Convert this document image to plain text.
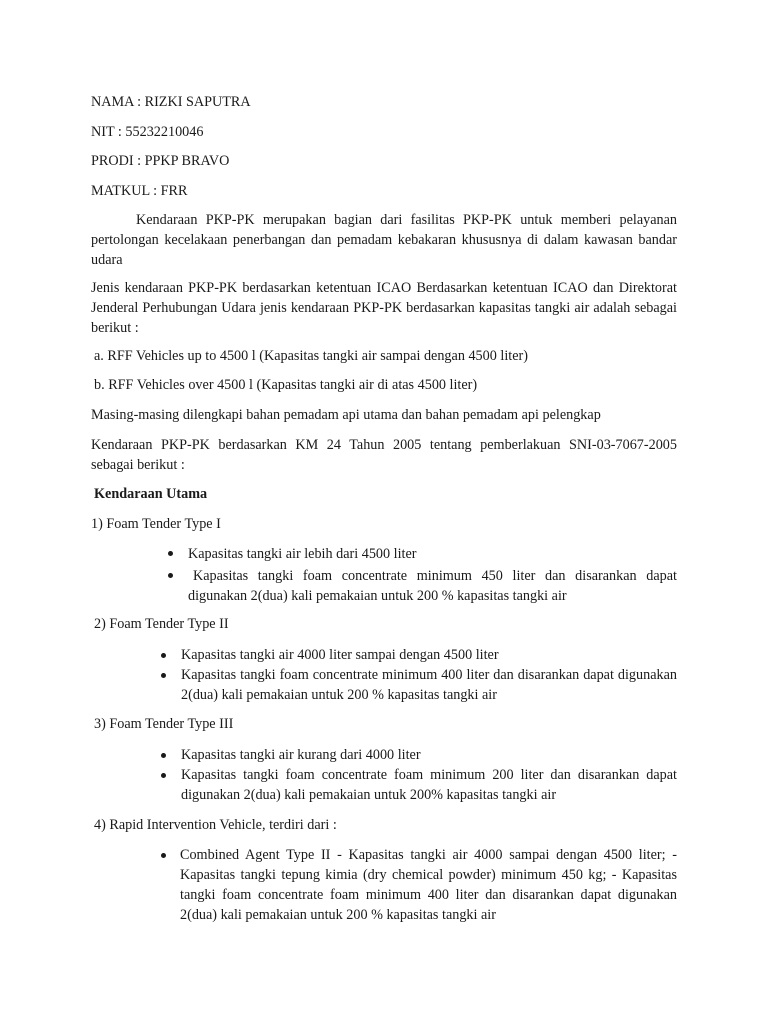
NAMA : RIZKI SAPUTRA

NIT : 55232210046

PRODI : PPKP BRAVO

MATKUL : FRR

Kendaraan PKP-PK merupakan bagian dari fasilitas PKP-PK untuk memberi pelayanan pertolongan kecelakaan penerbangan dan pemadam kebakaran khususnya di dalam kawasan bandar udara

Jenis kendaraan PKP-PK berdasarkan ketentuan ICAO Berdasarkan ketentuan ICAO dan Direktorat Jenderal Perhubungan Udara jenis kendaraan PKP-PK berdasarkan kapasitas tangki air adalah sebagai berikut :

a. RFF Vehicles up to 4500 l (Kapasitas tangki air sampai dengan 4500 liter)

b. RFF Vehicles over 4500 l (Kapasitas tangki air di atas 4500 liter)

Masing-masing dilengkapi bahan pemadam api utama dan bahan pemadam api pelengkap

Kendaraan PKP-PK berdasarkan KM 24 Tahun 2005 tentang pemberlakuan SNI-03-7067-2005 sebagai berikut :

Kendaraan Utama

1) Foam Tender Type I

Kapasitas tangki air lebih dari 4500 liter

Kapasitas tangki foam concentrate minimum 450 liter dan disarankan dapat digunakan 2(dua) kali pemakaian untuk 200 % kapasitas tangki air

2) Foam Tender Type II

Kapasitas tangki air 4000 liter sampai dengan 4500 liter

Kapasitas tangki foam concentrate minimum 400 liter dan disarankan dapat digunakan 2(dua) kali pemakaian untuk 200 % kapasitas tangki air

3) Foam Tender Type III

Kapasitas tangki air kurang dari 4000 liter

Kapasitas tangki foam concentrate foam minimum 200 liter dan disarankan dapat digunakan 2(dua) kali pemakaian untuk 200% kapasitas tangki air

4) Rapid Intervention Vehicle, terdiri dari :

Combined Agent Type II - Kapasitas tangki air 4000 sampai dengan 4500 liter; - Kapasitas tangki tepung kimia (dry chemical powder) minimum 450 kg; - Kapasitas tangki foam concentrate foam minimum 400 liter dan disarankan dapat digunakan 2(dua) kali pemakaian untuk 200 % kapasitas tangki air
